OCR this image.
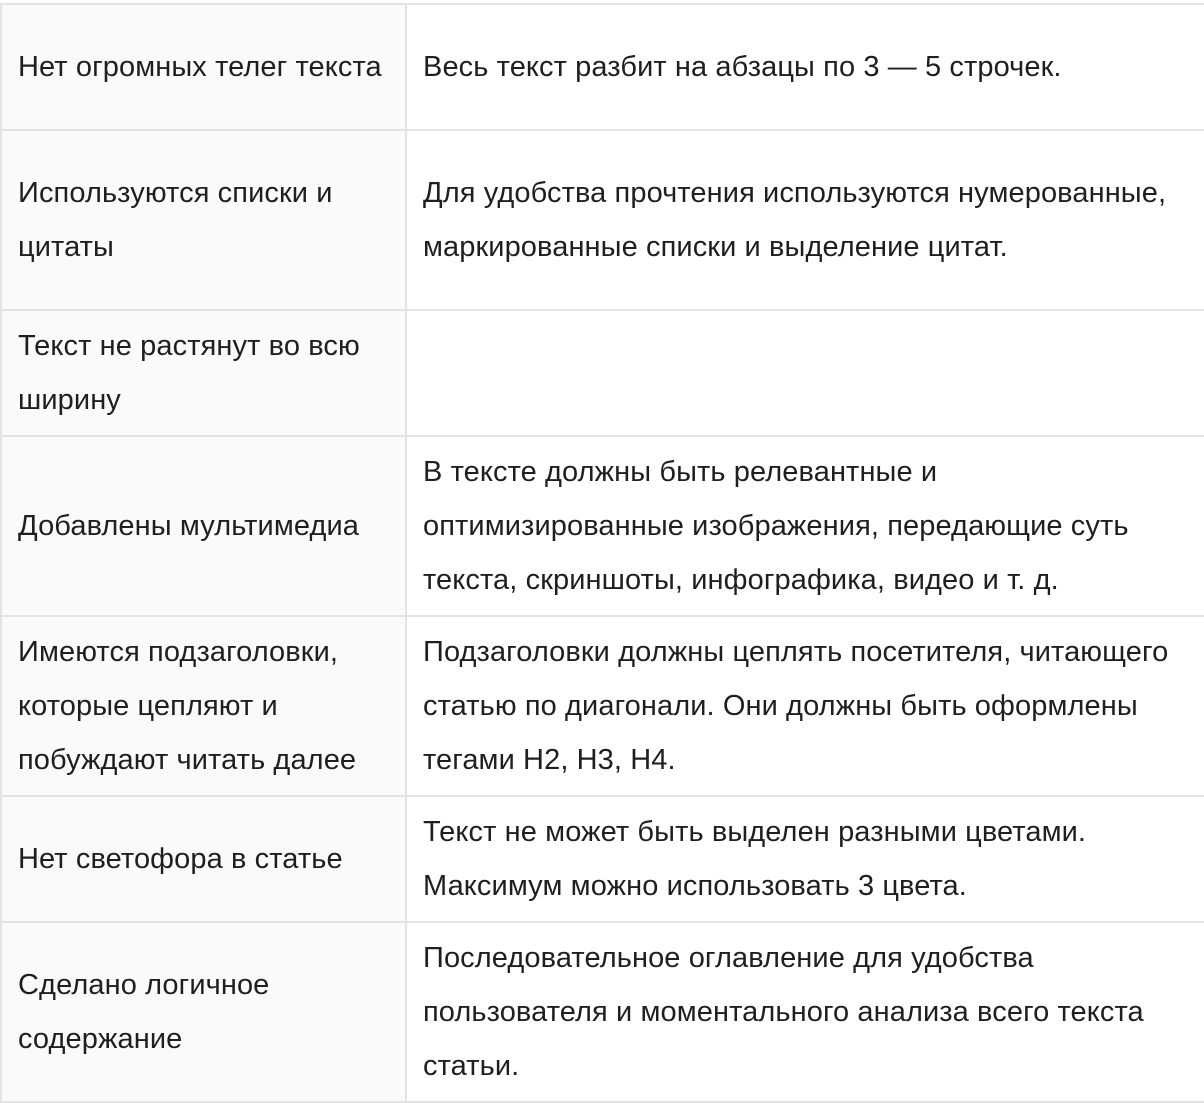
Нет огромных телег текста	Весь текст разбит на абзацы по 3 — 5 строчек.
Используются списки и цитаты	Для удобства прочтения используются нумерованные, маркированные списки и выделение цитат.
Текст не растянут во всю ширину	
Добавлены мультимедиа	В тексте должны быть релевантные и оптимизированные изображения, передающие суть текста, скриншоты, инфографика, видео и т. д.
Имеются подзаголовки, которые цепляют и побуждают читать далее	Подзаголовки должны цеплять посетителя, читающего статью по диагонали. Они должны быть оформлены тегами H2, H3, H4.
Нет светофора в статье	Текст не может быть выделен разными цветами. Максимум можно использовать 3 цвета.
Сделано логичное содержание	Последовательное оглавление для удобства пользователя и моментального анализа всего текста статьи.
